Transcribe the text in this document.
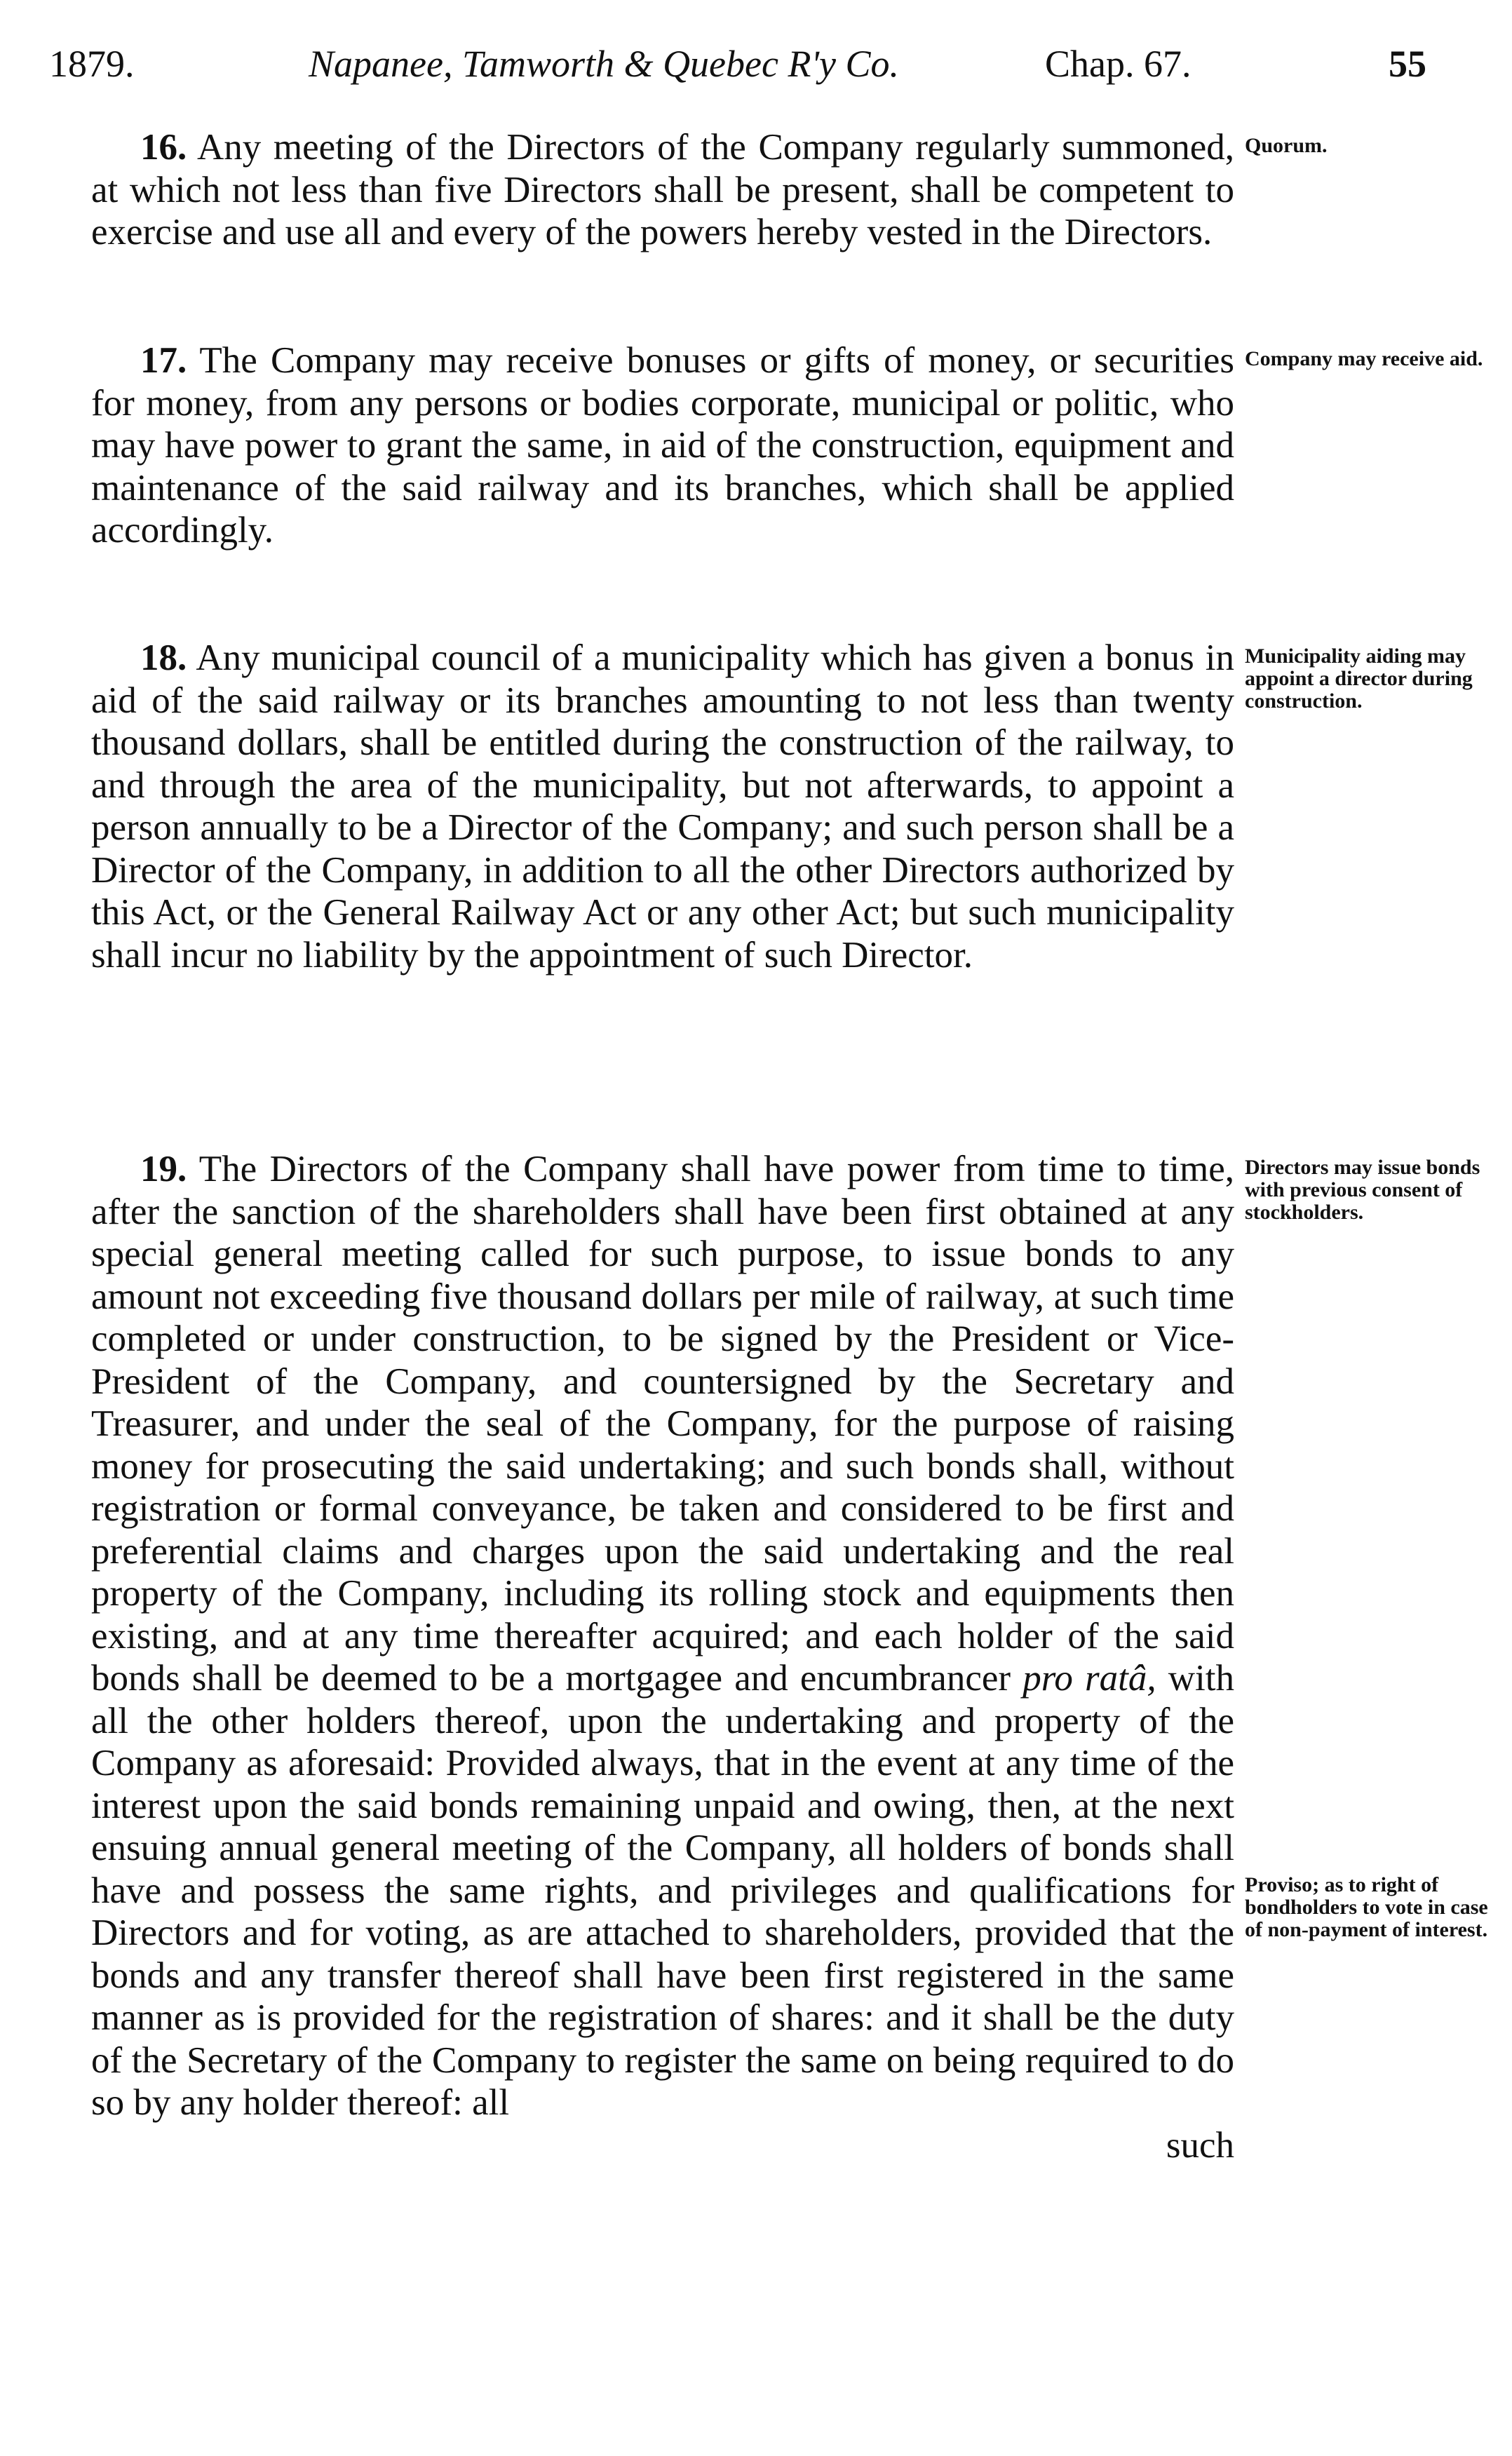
1879.	Napanee, Tamworth & Quebec R'y Co.	Chap. 67.	55

16. Any meeting of the Directors of the Company regularly summoned, at which not less than five Directors shall be present, shall be competent to exercise and use all and every of the powers hereby vested in the Directors.

Quorum.

17. The Company may receive bonuses or gifts of money, or securities for money, from any persons or bodies corporate, municipal or politic, who may have power to grant the same, in aid of the construction, equipment and maintenance of the said railway and its branches, which shall be applied accordingly.

Company may receive aid.

18. Any municipal council of a municipality which has given a bonus in aid of the said railway or its branches amounting to not less than twenty thousand dollars, shall be entitled during the construction of the railway, to and through the area of the municipality, but not afterwards, to appoint a person annually to be a Director of the Company; and such person shall be a Director of the Company, in addition to all the other Directors authorized by this Act, or the General Railway Act or any other Act; but such municipality shall incur no liability by the appointment of such Director.

Municipality aiding may appoint a director during construction.

19. The Directors of the Company shall have power from time to time, after the sanction of the shareholders shall have been first obtained at any special general meeting called for such purpose, to issue bonds to any amount not exceeding five thousand dollars per mile of railway, at such time completed or under construction, to be signed by the President or Vice-President of the Company, and countersigned by the Secretary and Treasurer, and under the seal of the Company, for the purpose of raising money for prosecuting the said undertaking; and such bonds shall, without registration or formal conveyance, be taken and considered to be first and preferential claims and charges upon the said undertaking and the real property of the Company, including its rolling stock and equipments then existing, and at any time thereafter acquired; and each holder of the said bonds shall be deemed to be a mortgagee and encumbrancer pro ratâ, with all the other holders thereof, upon the undertaking and property of the Company as aforesaid: Provided always, that in the event at any time of the interest upon the said bonds remaining unpaid and owing, then, at the next ensuing annual general meeting of the Company, all holders of bonds shall have and possess the same rights, and privileges and qualifications for Directors and for voting, as are attached to shareholders, provided that the bonds and any transfer thereof shall have been first registered in the same manner as is provided for the registration of shares: and it shall be the duty of the Secretary of the Company to register the same on being required to do so by any holder thereof: all

such

Directors may issue bonds with previous consent of stockholders.
Proviso; as to right of bondholders to vote in case of non-payment of interest.
